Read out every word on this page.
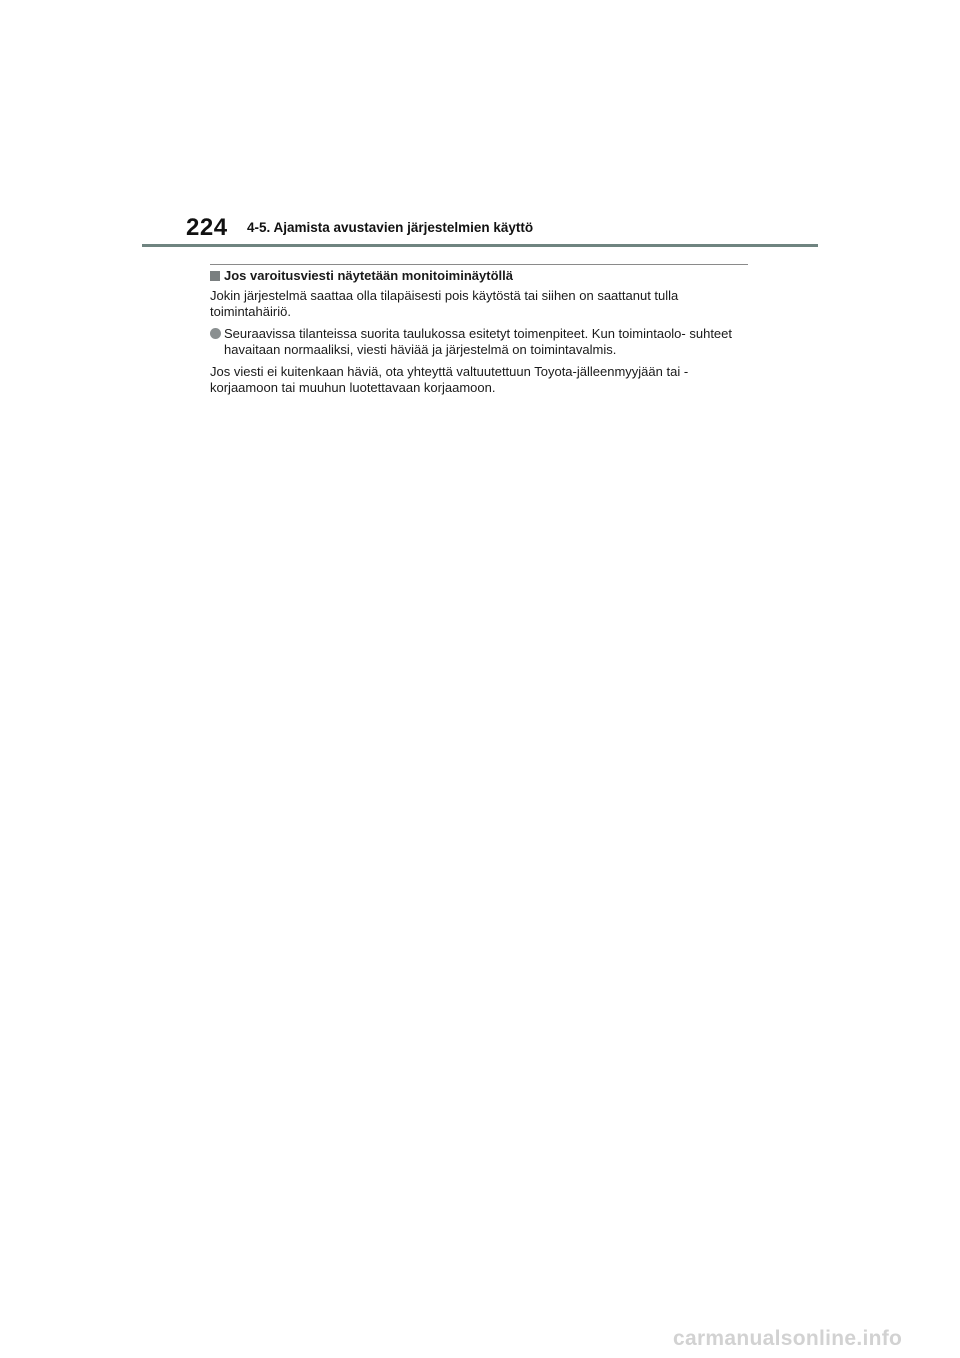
224 4-5. Ajamista avustavien järjestelmien käyttö
Jos varoitusviesti näytetään monitoiminäytöllä

Jokin järjestelmä saattaa olla tilapäisesti pois käytöstä tai siihen on saattanut tulla toimintahäiriö.

Seuraavissa tilanteissa suorita taulukossa esitetyt toimenpiteet. Kun toimintaolo- suhteet havaitaan normaaliksi, viesti häviää ja järjestelmä on toimintavalmis.

Jos viesti ei kuitenkaan häviä, ota yhteyttä valtuutettuun Toyota-jälleenmyyjään tai -korjaamoon tai muuhun luotettavaan korjaamoon.

carmanualsonline.info
